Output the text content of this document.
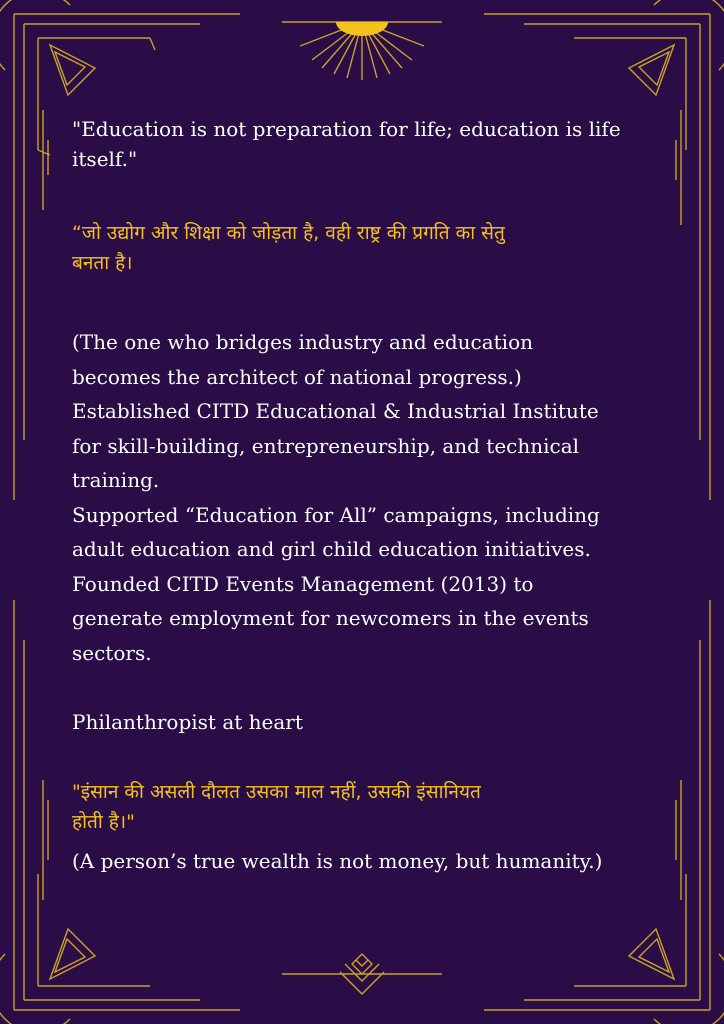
"Education is not preparation for life; education is life
itself."

“जो उद्योग और शिक्षा को जोड़ता है, वही राष्ट्र की प्रगति का सेतु
बनता है।

(The one who bridges industry and education
becomes the architect of national progress.)
Established CITD Educational & Industrial Institute
for skill-building, entrepreneurship, and technical
training.
Supported “Education for All” campaigns, including
adult education and girl child education initiatives.
Founded CITD Events Management (2013) to
generate employment for newcomers in the events
sectors.

Philanthropist at heart

"इंसान की असली दौलत उसका माल नहीं, उसकी इंसानियत
होती है।"

(A person’s true wealth is not money, but humanity.)
